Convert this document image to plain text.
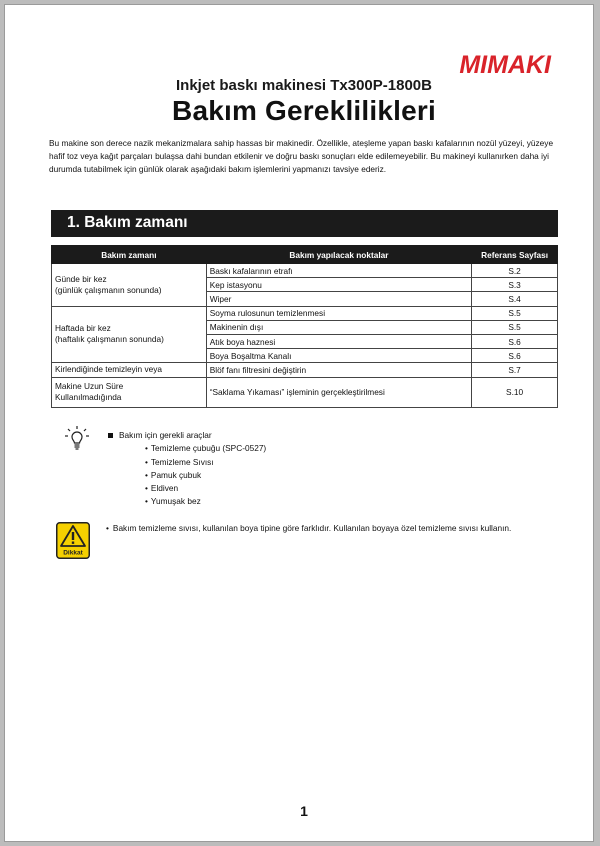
MIMAKI
Inkjet baskı makinesi Tx300P-1800B
Bakım Gereklilikleri

Bu makine son derece nazik mekanizmalara sahip hassas bir makinedir. Özellikle, ateşleme yapan baskı kafalarının nozül yüzeyi, yüzeye hafif toz veya kağıt parçaları bulaşsa dahi bundan etkilenir ve doğru baskı sonuçları elde edilemeyebilir. Bu makineyi kullanırken daha iyi durumda tutabilmek için günlük olarak aşağıdaki bakım işlemlerini yapmanızı tavsiye ederiz.

1. Bakım zamanı
Bakım zamanı	Bakım yapılacak noktalar	Referans Sayfası

Günde bir kez
(günlük çalışmanın sonunda)	Baskı kafalarının etrafı	S.2
	Kep istasyonu	S.3
	Wiper	S.4

Haftada bir kez
(haftalık çalışmanın sonunda)	Soyma rulosunun temizlenmesi	S.5
	Makinenin dışı	S.5
	Atık boya haznesi	S.6
	Boya Boşaltma Kanalı	S.6
Kirlendiğinde temizleyin veya	Blöf fanı filtresini değiştirin	S.7

Makine Uzun Süre
Kullanılmadığında	“Saklama Yıkaması” işleminin gerçekleştirilmesi	S.10
Bakım için gerekli araçlar
• Temizleme çubuğu (SPC-0527)
• Temizleme Sıvısı
• Pamuk çubuk
• Eldiven
• Yumuşak bez
Dikkat
• Bakım temizleme sıvısı, kullanılan boya tipine göre farklıdır. Kullanılan boyaya özel temizleme sıvısı kullanın.
1
